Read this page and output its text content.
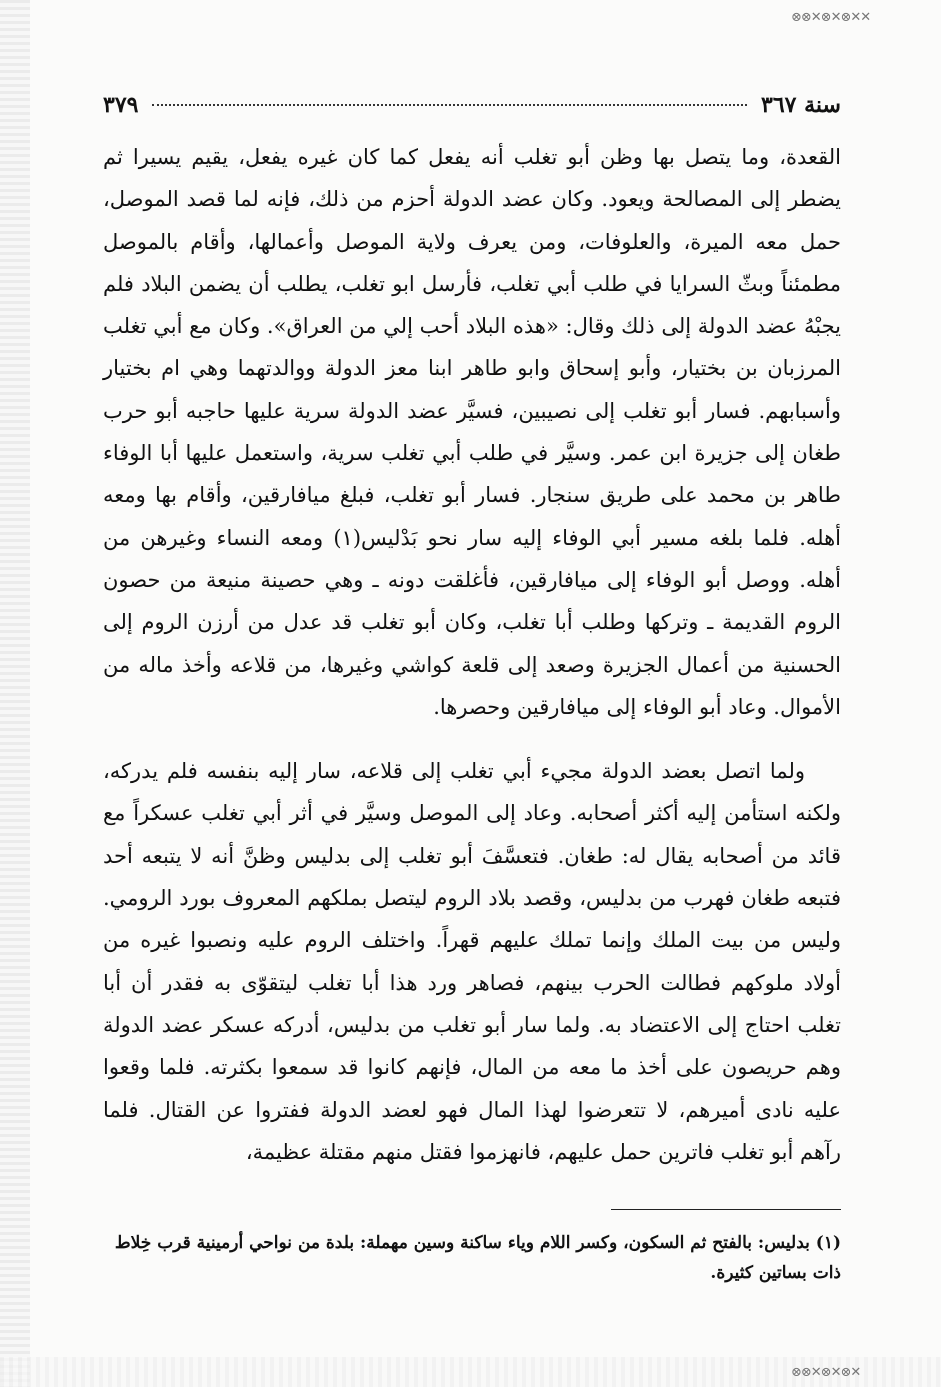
✕✕⊗✕⊗✕⊗⊗
✕⊗✕⊗✕⊗⊗
سنة ٣٦٧
٣٧٩

القعدة، وما يتصل بها وظن أبو تغلب أنه يفعل كما كان غيره يفعل، يقيم يسيرا ثم يضطر إلى المصالحة ويعود. وكان عضد الدولة أحزم من ذلك، فإنه لما قصد الموصل، حمل معه الميرة، والعلوفات، ومن يعرف ولاية الموصل وأعمالها، وأقام بالموصل مطمئناً وبثّ السرايا في طلب أبي تغلب، فأرسل ابو تغلب، يطلب أن يضمن البلاد فلم يجبْهُ عضد الدولة إلى ذلك وقال: «هذه البلاد أحب إلي من العراق». وكان مع أبي تغلب المرزبان بن بختيار، وأبو إسحاق وابو طاهر ابنا معز الدولة ووالدتهما وهي ام بختيار وأسبابهم. فسار أبو تغلب إلى نصيبين، فسيَّر عضد الدولة سرية عليها حاجبه أبو حرب طغان إلى جزيرة ابن عمر. وسيَّر في طلب أبي تغلب سرية، واستعمل عليها أبا الوفاء طاهر بن محمد على طريق سنجار. فسار أبو تغلب، فبلغ ميافارقين، وأقام بها ومعه أهله. فلما بلغه مسير أبي الوفاء إليه سار نحو بَدْليس(١) ومعه النساء وغيرهن من أهله. ووصل أبو الوفاء إلى ميافارقين، فأغلقت دونه ـ وهي حصينة منيعة من حصون الروم القديمة ـ وتركها وطلب أبا تغلب، وكان أبو تغلب قد عدل من أرزن الروم إلى الحسنية من أعمال الجزيرة وصعد إلى قلعة كواشي وغيرها، من قلاعه وأخذ ماله من الأموال. وعاد أبو الوفاء إلى ميافارقين وحصرها.

ولما اتصل بعضد الدولة مجيء أبي تغلب إلى قلاعه، سار إليه بنفسه فلم يدركه، ولكنه استأمن إليه أكثر أصحابه. وعاد إلى الموصل وسيَّر في أثر أبي تغلب عسكراً مع قائد من أصحابه يقال له: طغان. فتعسَّفَ أبو تغلب إلى بدليس وظنَّ أنه لا يتبعه أحد فتبعه طغان فهرب من بدليس، وقصد بلاد الروم ليتصل بملكهم المعروف بورد الرومي. وليس من بيت الملك وإنما تملك عليهم قهراً. واختلف الروم عليه ونصبوا غيره من أولاد ملوكهم فطالت الحرب بينهم، فصاهر ورد هذا أبا تغلب ليتقوّى به فقدر أن أبا تغلب احتاج إلى الاعتضاد به. ولما سار أبو تغلب من بدليس، أدركه عسكر عضد الدولة وهم حريصون على أخذ ما معه من المال، فإنهم كانوا قد سمعوا بكثرته. فلما وقعوا عليه نادى أميرهم، لا تتعرضوا لهذا المال فهو لعضد الدولة ففتروا عن القتال. فلما رآهم أبو تغلب فاترين حمل عليهم، فانهزموا فقتل منهم مقتلة عظيمة،

(١) بدليس: بالفتح ثم السكون، وكسر اللام وياء ساكنة وسين مهملة: بلدة من نواحي أرمينية قرب خِلاط ذات بساتين كثيرة.
